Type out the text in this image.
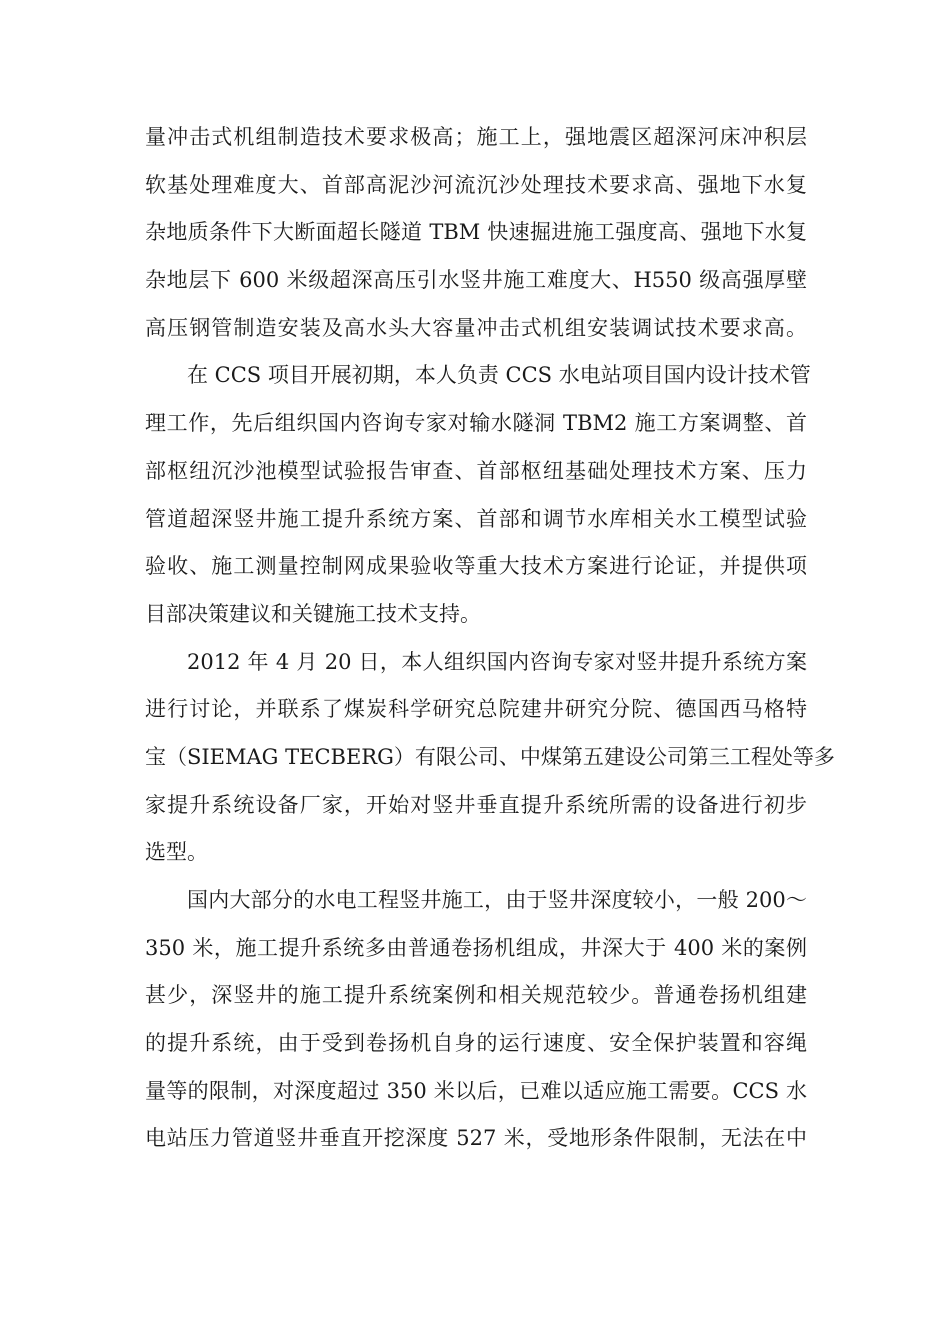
量冲击式机组制造技术要求极高；施工上，强地震区超深河床冲积层
软基处理难度大、首部高泥沙河流沉沙处理技术要求高、强地下水复
杂地质条件下大断面超长隧道 TBM 快速掘进施工强度高、强地下水复
杂地层下 600 米级超深高压引水竖井施工难度大、H550 级高强厚壁
高压钢管制造安装及高水头大容量冲击式机组安装调试技术要求高。
在 CCS 项目开展初期，本人负责 CCS 水电站项目国内设计技术管
理工作，先后组织国内咨询专家对输水隧洞 TBM2 施工方案调整、首
部枢纽沉沙池模型试验报告审查、首部枢纽基础处理技术方案、压力
管道超深竖井施工提升系统方案、首部和调节水库相关水工模型试验
验收、施工测量控制网成果验收等重大技术方案进行论证，并提供项
目部决策建议和关键施工技术支持。
2012 年 4 月 20 日，本人组织国内咨询专家对竖井提升系统方案
进行讨论，并联系了煤炭科学研究总院建井研究分院、德国西马格特
宝（SIEMAG TECBERG）有限公司、中煤第五建设公司第三工程处等多
家提升系统设备厂家，开始对竖井垂直提升系统所需的设备进行初步
选型。
国内大部分的水电工程竖井施工，由于竖井深度较小，一般 200～
350 米，施工提升系统多由普通卷扬机组成，井深大于 400 米的案例
甚少，深竖井的施工提升系统案例和相关规范较少。普通卷扬机组建
的提升系统，由于受到卷扬机自身的运行速度、安全保护装置和容绳
量等的限制，对深度超过 350 米以后，已难以适应施工需要。CCS 水
电站压力管道竖井垂直开挖深度 527 米，受地形条件限制，无法在中
